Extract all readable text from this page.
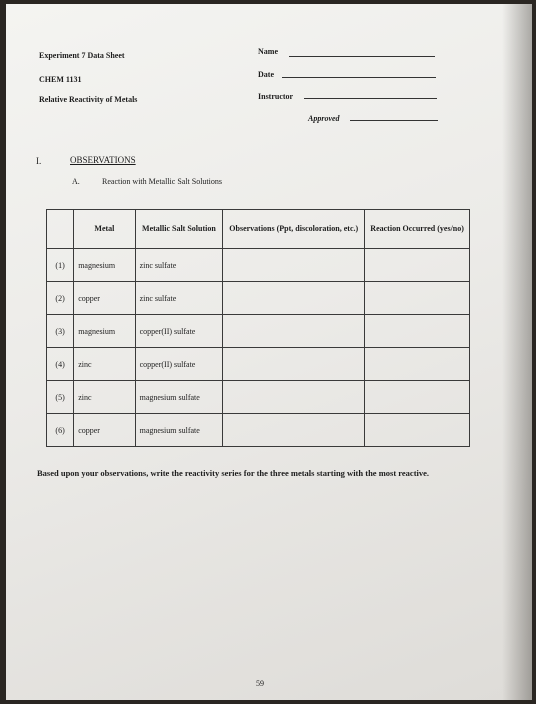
Experiment 7 Data Sheet
CHEM 1131
Relative Reactivity of Metals
Name
Date
Instructor
Approved
I.	OBSERVATIONS
A.	Reaction with Metallic Salt Solutions
	Metal	Metallic Salt Solution	Observations (Ppt, discoloration, etc.)	Reaction Occurred (yes/no)
(1)	magnesium	zinc sulfate		
(2)	copper	zinc sulfate		
(3)	magnesium	copper(II) sulfate		
(4)	zinc	copper(II) sulfate		
(5)	zinc	magnesium sulfate		
(6)	copper	magnesium sulfate		
Based upon your observations, write the reactivity series for the three metals starting with the most reactive.
59
